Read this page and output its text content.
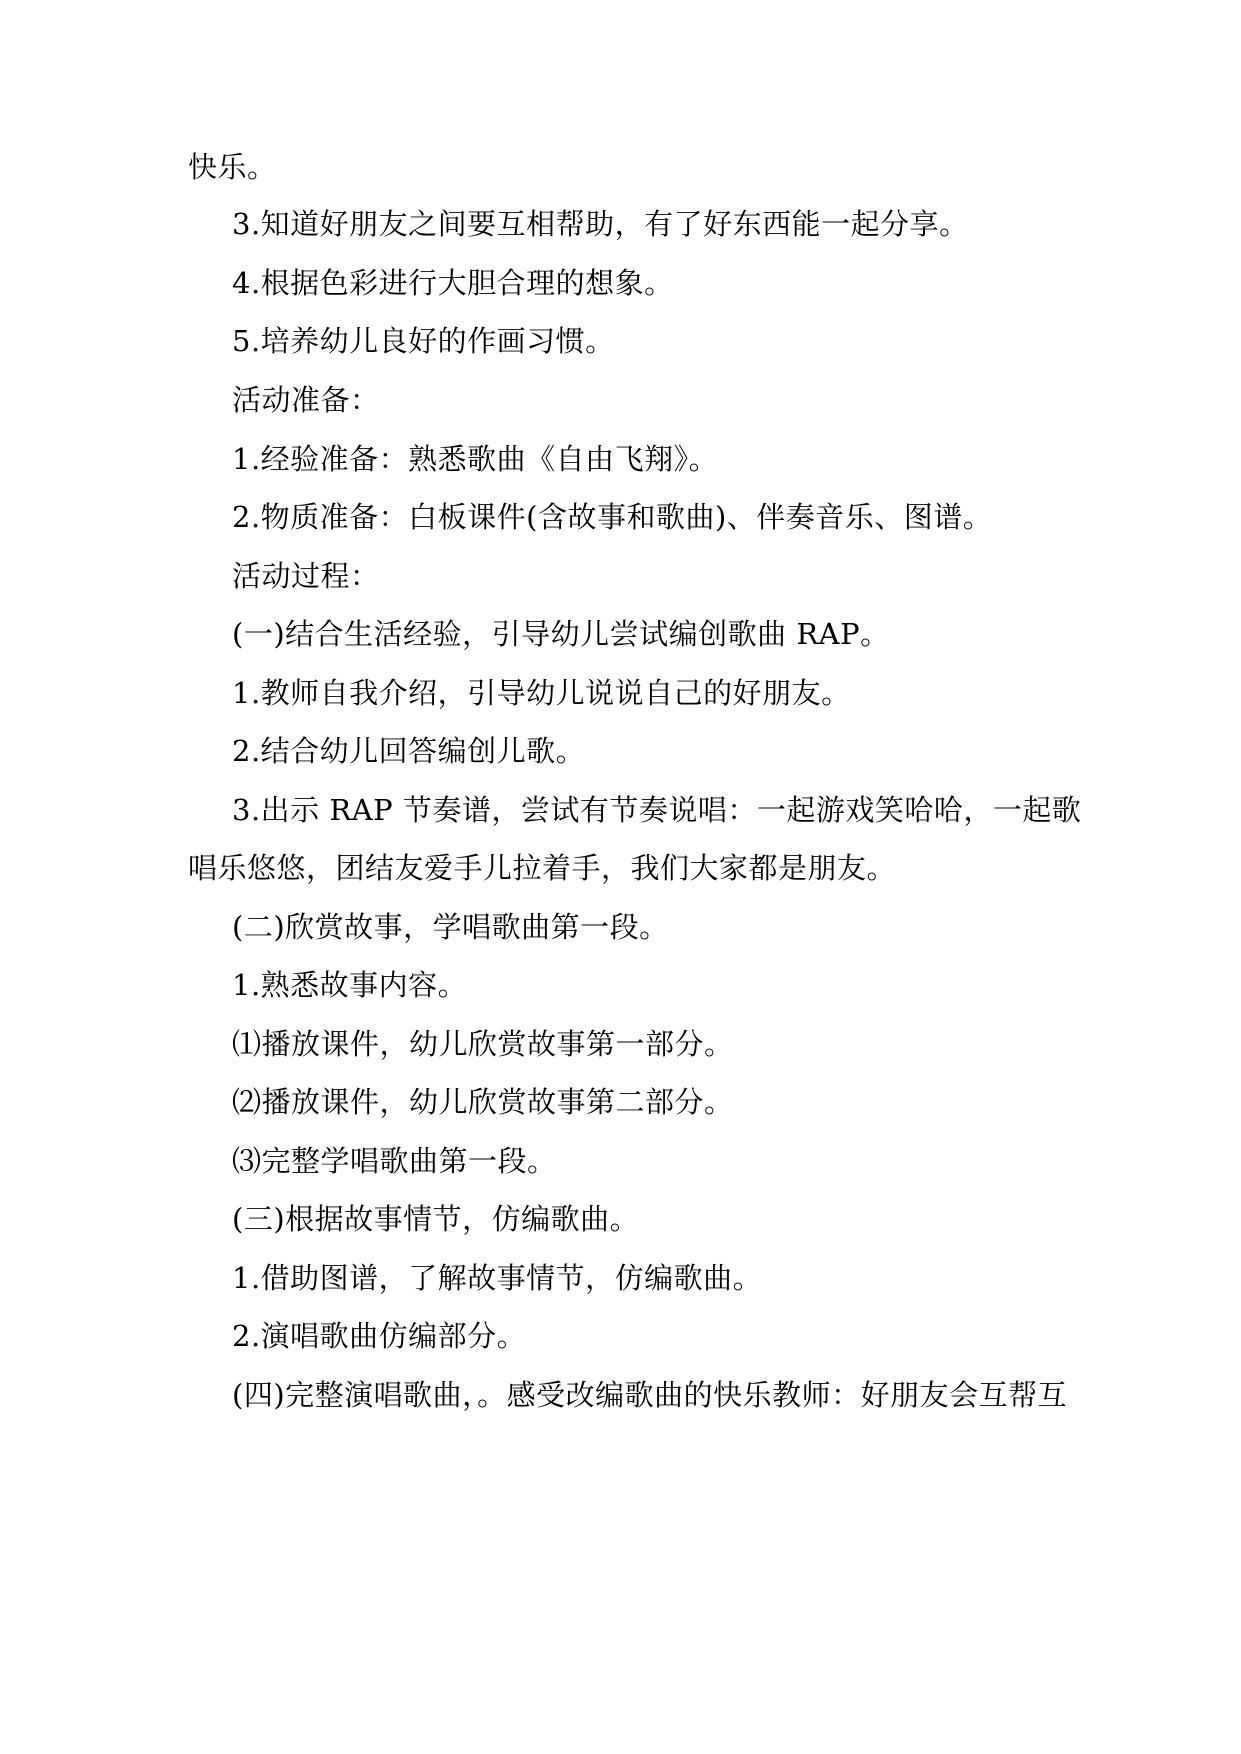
快乐。
3.知道好朋友之间要互相帮助，有了好东西能一起分享。
4.根据色彩进行大胆合理的想象。
5.培养幼儿良好的作画习惯。
活动准备：
1.经验准备：熟悉歌曲《自由飞翔》。
2.物质准备：白板课件(含故事和歌曲)、伴奏音乐、图谱。
活动过程：
(一)结合生活经验，引导幼儿尝试编创歌曲 RAP。
1.教师自我介绍，引导幼儿说说自己的好朋友。
2.结合幼儿回答编创儿歌。
3.出示 RAP 节奏谱，尝试有节奏说唱：一起游戏笑哈哈，一起歌
唱乐悠悠，团结友爱手儿拉着手，我们大家都是朋友。
(二)欣赏故事，学唱歌曲第一段。
1.熟悉故事内容。
⑴播放课件，幼儿欣赏故事第一部分。
⑵播放课件，幼儿欣赏故事第二部分。
⑶完整学唱歌曲第一段。
(三)根据故事情节，仿编歌曲。
1.借助图谱，了解故事情节，仿编歌曲。
2.演唱歌曲仿编部分。
(四)完整演唱歌曲，。感受改编歌曲的快乐教师：好朋友会互帮互
